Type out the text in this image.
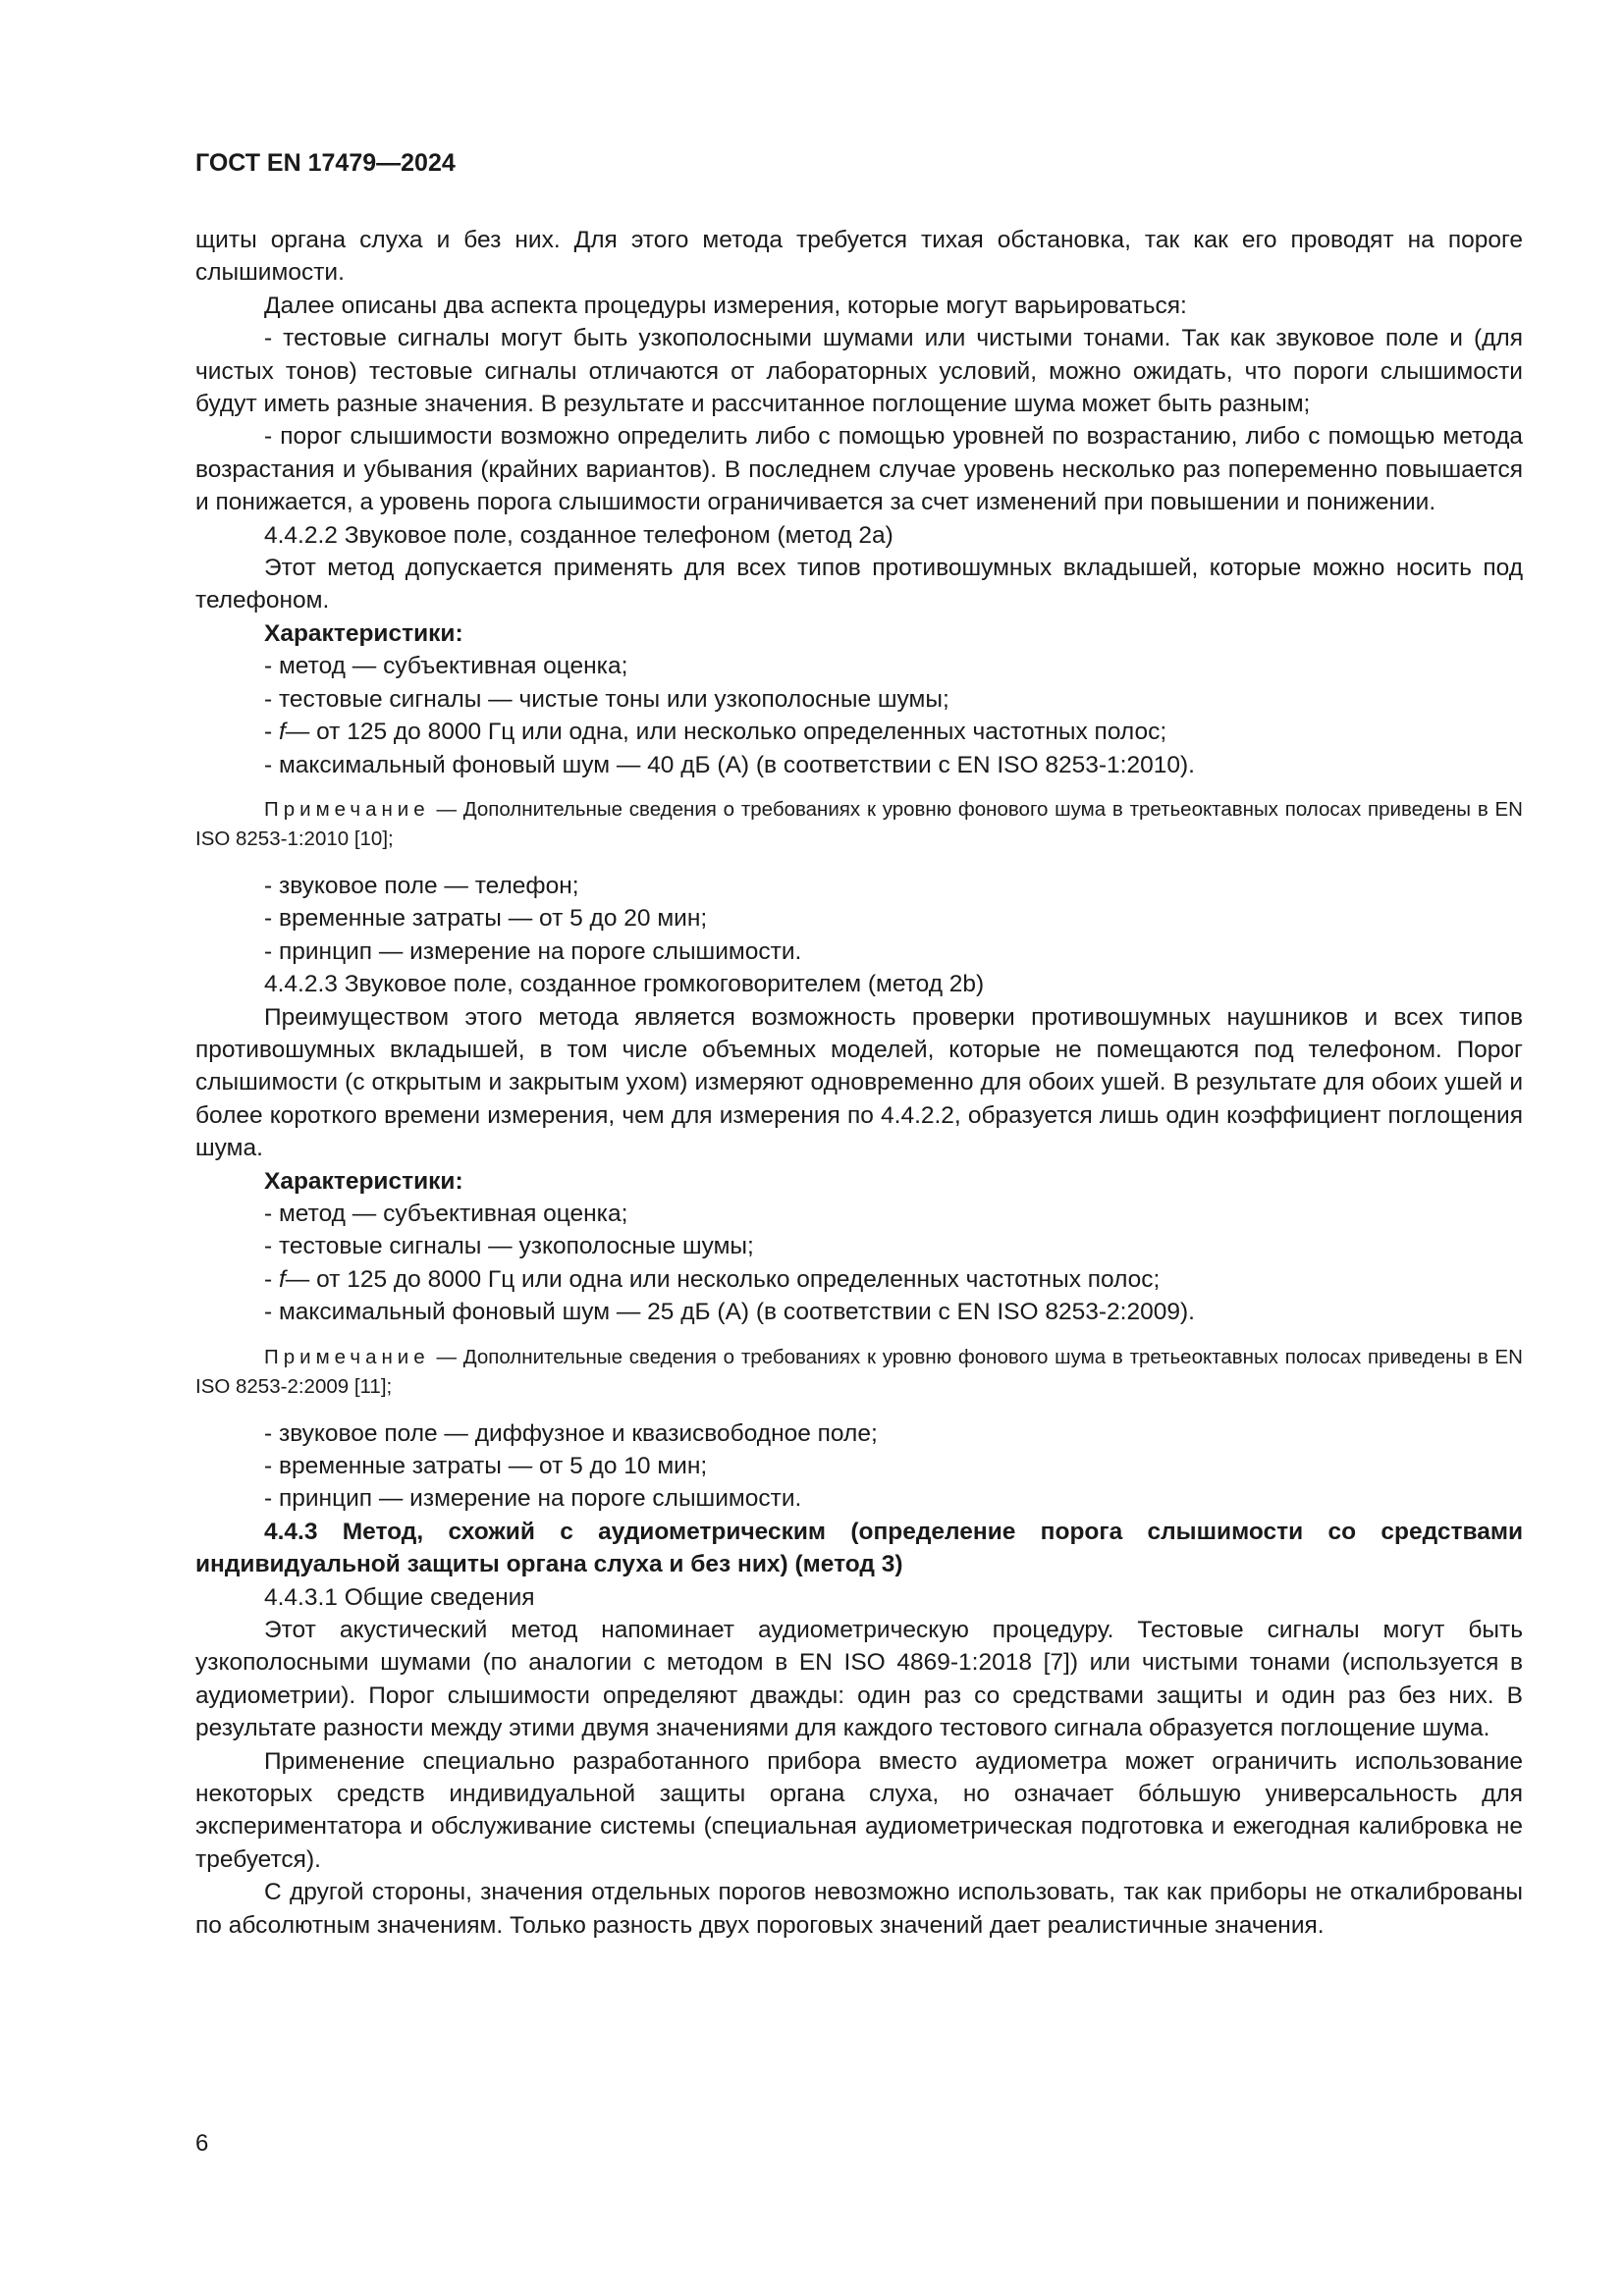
ГОСТ EN 17479—2024

щиты органа слуха и без них. Для этого метода требуется тихая обстановка, так как его проводят на пороге слышимости.

Далее описаны два аспекта процедуры измерения, которые могут варьироваться:

- тестовые сигналы могут быть узкополосными шумами или чистыми тонами. Так как звуковое поле и (для чистых тонов) тестовые сигналы отличаются от лабораторных условий, можно ожидать, что пороги слышимости будут иметь разные значения. В результате и рассчитанное поглощение шума может быть разным;

- порог слышимости возможно определить либо с помощью уровней по возрастанию, либо с помощью метода возрастания и убывания (крайних вариантов). В последнем случае уровень несколько раз попеременно повышается и понижается, а уровень порога слышимости ограничивается за счет изменений при повышении и понижении.

4.4.2.2 Звуковое поле, созданное телефоном (метод 2a)

Этот метод допускается применять для всех типов противошумных вкладышей, которые можно носить под телефоном.

Характеристики:

- метод — субъективная оценка;

- тестовые сигналы — чистые тоны или узкополосные шумы;

- f— от 125 до 8000 Гц или одна, или несколько определенных частотных полос;

- максимальный фоновый шум — 40 дБ (А) (в соответствии с EN ISO 8253-1:2010).

Примечание — Дополнительные сведения о требованиях к уровню фонового шума в третьеоктавных полосах приведены в EN ISO 8253-1:2010 [10];

- звуковое поле — телефон;

- временные затраты — от 5 до 20 мин;

- принцип — измерение на пороге слышимости.

4.4.2.3 Звуковое поле, созданное громкоговорителем (метод 2b)

Преимуществом этого метода является возможность проверки противошумных наушников и всех типов противошумных вкладышей, в том числе объемных моделей, которые не помещаются под телефоном. Порог слышимости (с открытым и закрытым ухом) измеряют одновременно для обоих ушей. В результате для обоих ушей и более короткого времени измерения, чем для измерения по 4.4.2.2, образуется лишь один коэффициент поглощения шума.

Характеристики:

- метод — субъективная оценка;

- тестовые сигналы — узкополосные шумы;

- f— от 125 до 8000 Гц или одна или несколько определенных частотных полос;

- максимальный фоновый шум — 25 дБ (А) (в соответствии с EN ISO 8253-2:2009).

Примечание — Дополнительные сведения о требованиях к уровню фонового шума в третьеоктавных полосах приведены в EN ISO 8253-2:2009 [11];

- звуковое поле — диффузное и квазисвободное поле;

- временные затраты — от 5 до 10 мин;

- принцип — измерение на пороге слышимости.

4.4.3 Метод, схожий с аудиометрическим (определение порога слышимости со средствами индивидуальной защиты органа слуха и без них) (метод 3)

4.4.3.1 Общие сведения

Этот акустический метод напоминает аудиометрическую процедуру. Тестовые сигналы могут быть узкополосными шумами (по аналогии с методом в EN ISO 4869-1:2018 [7]) или чистыми тонами (используется в аудиометрии). Порог слышимости определяют дважды: один раз со средствами защиты и один раз без них. В результате разности между этими двумя значениями для каждого тестового сигнала образуется поглощение шума.

Применение специально разработанного прибора вместо аудиометра может ограничить использование некоторых средств индивидуальной защиты органа слуха, но означает бóльшую универсальность для экспериментатора и обслуживание системы (специальная аудиометрическая подготовка и ежегодная калибровка не требуется).

С другой стороны, значения отдельных порогов невозможно использовать, так как приборы не откалиброваны по абсолютным значениям. Только разность двух пороговых значений дает реалистичные значения.

6
